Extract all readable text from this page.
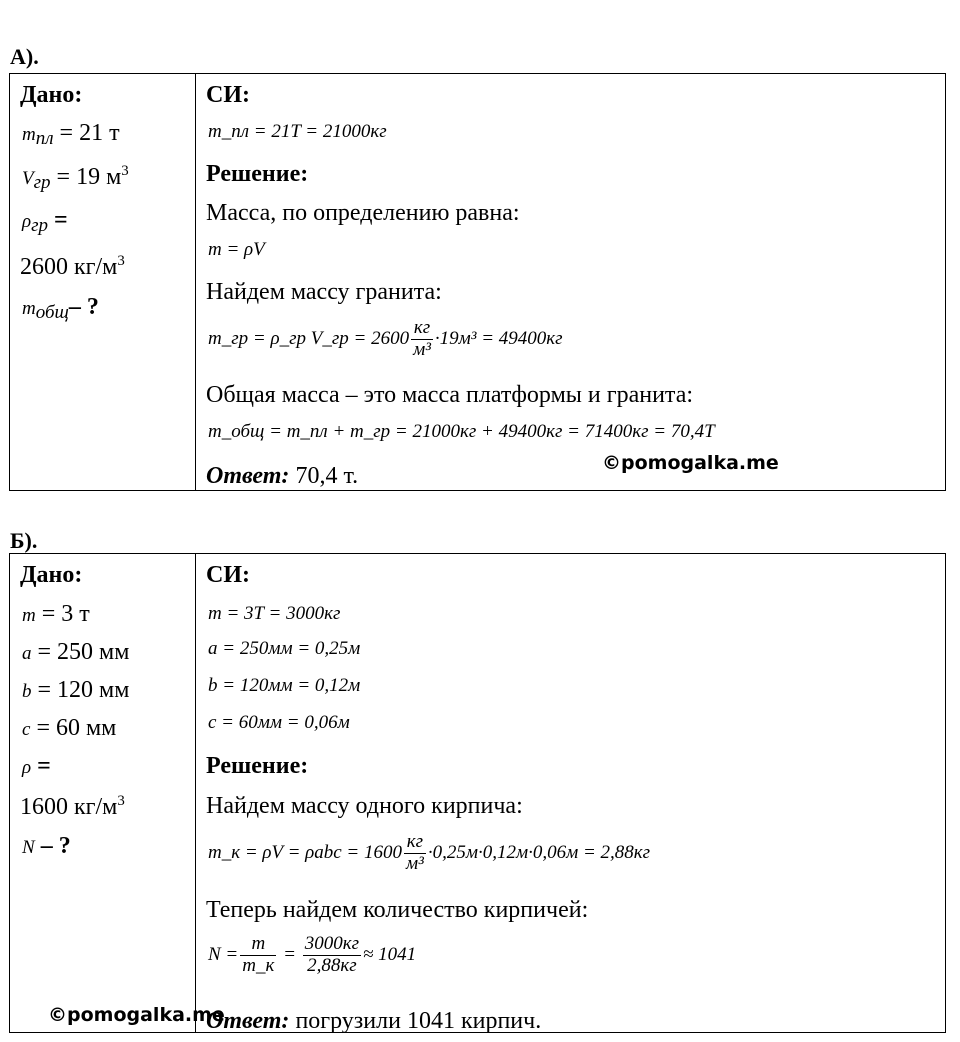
А).
Дано:
$m_{пл} = 21$ т
$V_{гр} = 19$ $м^3$
$\rho_{гр}$ =
2600 $кг/м^3$
$m_{общ}-$ ?

СИ:
m_пл = 21T = 21000кг
Решение:
Масса, по определению равна:
m = ρV
Найдем массу гранита:
m_гр = ρ_гр V_гр = $2600 \frac{кг}{\text{м³}} \cdot 19м^3 = 49400кг$
Общая масса – это масса платформы и гранита:
m_общ = m_пл + m_гр = 21000кг + 49400кг = 71400кг = 70,4T
Ответ: 70,4 т.	©pomogalka.me
Б).
Дано:
m = 3 т
a = 250 мм
b = 120 мм
c = 60 мм
ρ =
1600 $кг/м^3$
N – ?
©pomogalka.me

СИ:
m = 3T = 3000кг
a = 250мм = 0,25м
b = 120мм = 0,12м
c = 60мм = 0,06м
Решение:
Найдем массу одного кирпича:
m_к = $\rho V = \rho abc = 1600 \frac{кг}{\text{м³}} \cdot 0,25м\cdot 0,12м\cdot 0,06м = 2,88кг$
Теперь найдем количество кирпичей:
$N = \frac{m}{m\_к} = \frac{3000кг}{2,88кг} \approx 1041$
Ответ: погрузили 1041 кирпич.
